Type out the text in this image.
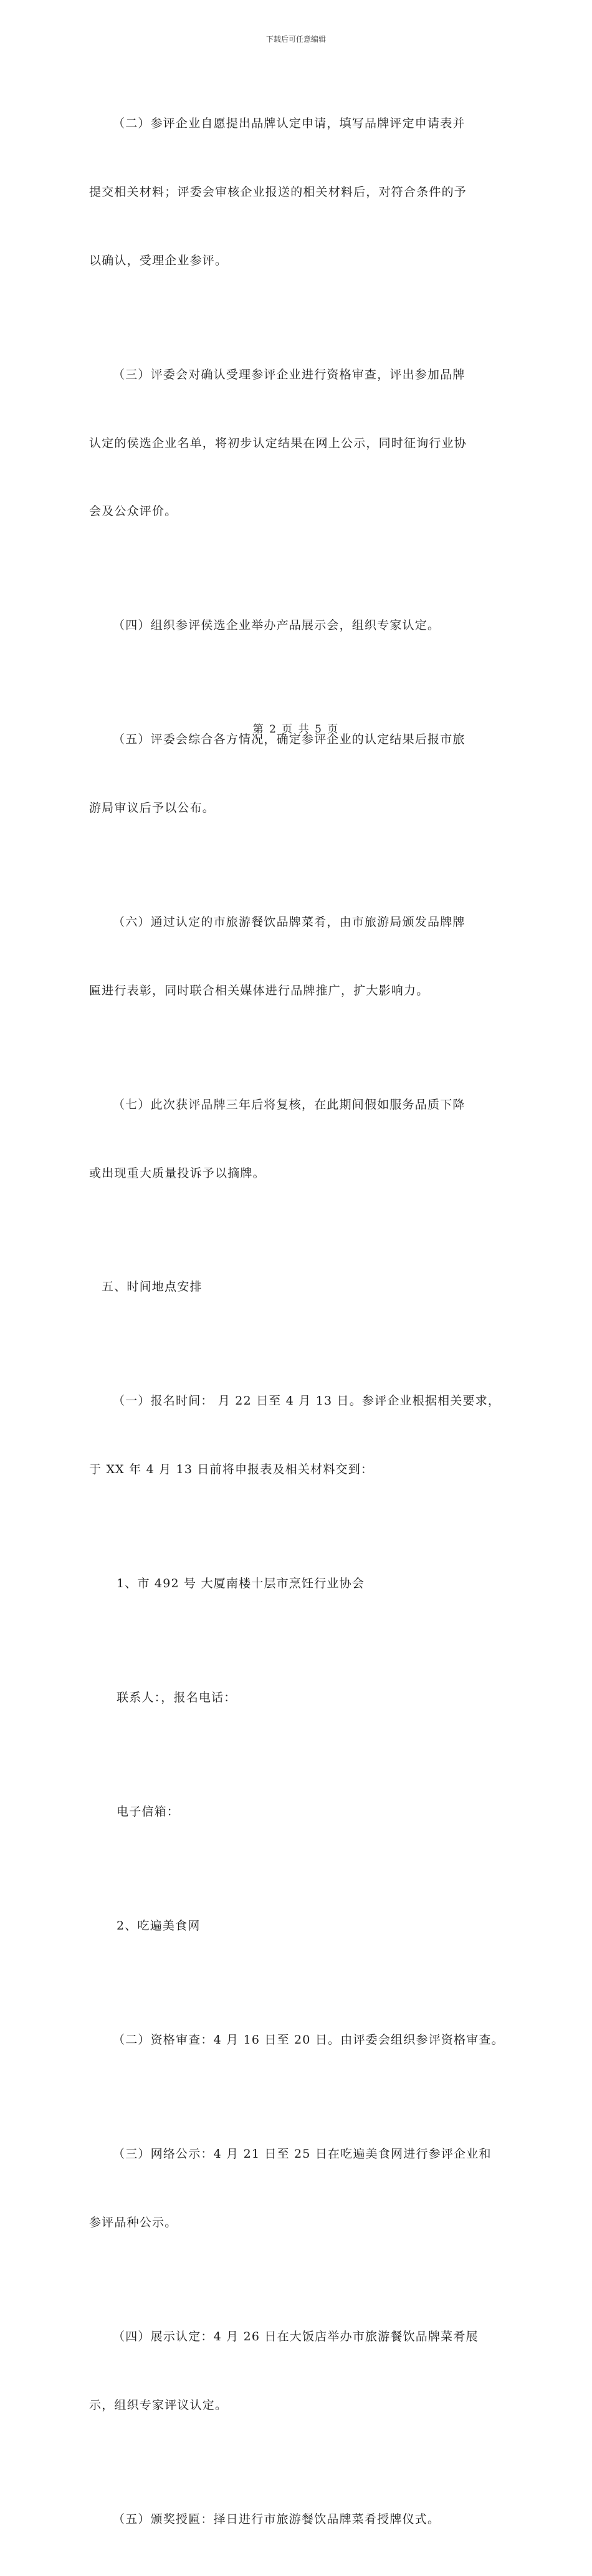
下载后可任意编辑

（二）参评企业自愿提出品牌认定申请，填写品牌评定申请表并

提交相关材料；评委会审核企业报送的相关材料后，对符合条件的予

以确认，受理企业参评。

（三）评委会对确认受理参评企业进行资格审查，评出参加品牌

认定的侯选企业名单，将初步认定结果在网上公示，同时征询行业协

会及公众评价。

（四）组织参评侯选企业举办产品展示会，组织专家认定。

（五）评委会综合各方情况，确定参评企业的认定结果后报市旅

游局审议后予以公布。

（六）通过认定的市旅游餐饮品牌菜肴，由市旅游局颁发品牌牌

匾进行表彰，同时联合相关媒体进行品牌推广，扩大影响力。

（七）此次获评品牌三年后将复核，在此期间假如服务品质下降

或出现重大质量投诉予以摘牌。

五、时间地点安排

（一）报名时间： 月 22 日至 4 月 13 日。参评企业根据相关要求，

于 XX 年 4 月 13 日前将申报表及相关材料交到：

1、市 492 号 大厦南楼十层市烹饪行业协会

联系人：，报名电话：

电子信箱：

2、吃遍美食网

（二）资格审查：4 月 16 日至 20 日。由评委会组织参评资格审查。

（三）网络公示：4 月 21 日至 25 日在吃遍美食网进行参评企业和

参评品种公示。

（四）展示认定：4 月 26 日在大饭店举办市旅游餐饮品牌菜肴展

示，组织专家评议认定。

（五）颁奖授匾：择日进行市旅游餐饮品牌菜肴授牌仪式。

第 2 页 共 5 页
